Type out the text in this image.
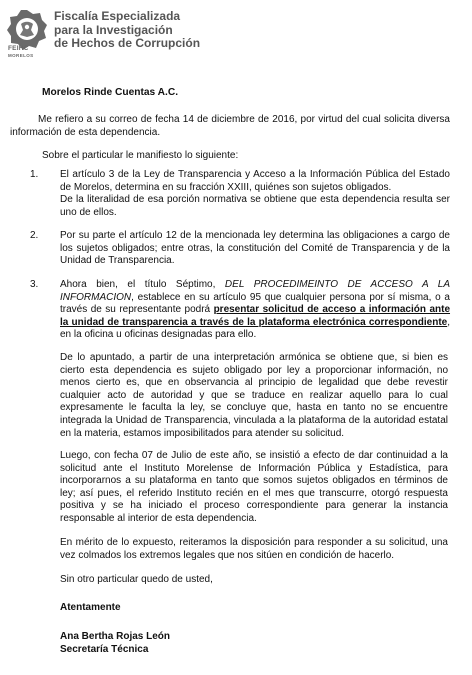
FEIHC
MORELOS
Fiscalía Especializada
para la Investigación
de Hechos de Corrupción
Morelos Rinde Cuentas A.C.

Me refiero a su correo de fecha 14 de diciembre de 2016, por virtud del cual solicita diversa información de esta dependencia.

Sobre el particular le manifiesto lo siguiente:

1.	El artículo 3 de la Ley de Transparencia y Acceso a la Información Pública del Estado de Morelos, determina en su fracción XXIII, quiénes son sujetos obligados.

De la literalidad de esa porción normativa se obtiene que esta dependencia resulta ser uno de ellos.

2.	Por su parte el artículo 12 de la mencionada ley determina las obligaciones a cargo de los sujetos obligados; entre otras, la constitución del Comité de Transparencia y de la Unidad de Transparencia.

3.	Ahora bien, el título Séptimo, DEL PROCEDIMEINTO DE ACCESO A LA INFORMACION, establece en su artículo 95 que cualquier persona por sí misma, o a través de su representante podrá presentar solicitud de acceso a información ante la unidad de transparencia a través de la plataforma electrónica correspondiente, en la oficina u oficinas designadas para ello.

De lo apuntado, a partir de una interpretación armónica se obtiene que, si bien es cierto esta dependencia es sujeto obligado por ley a proporcionar información, no menos cierto es, que en observancia al principio de legalidad que debe revestir cualquier acto de autoridad y que se traduce en realizar aquello para lo cual expresamente le faculta la ley, se concluye que, hasta en tanto no se encuentre integrada la Unidad de Transparencia, vinculada a la plataforma de la autoridad estatal en la materia, estamos imposibilitados para atender su solicitud.

Luego, con fecha 07 de Julio de este año, se insistió a efecto de dar continuidad a la solicitud ante el Instituto Morelense de Información Pública y Estadística, para incorporarnos a su plataforma en tanto que somos sujetos obligados en términos de ley; así pues, el referido Instituto recién en el mes que transcurre, otorgó respuesta positiva y se ha iniciado el proceso correspondiente para generar la instancia responsable al interior de esta dependencia.

En mérito de lo expuesto, reiteramos la disposición para responder a su solicitud, una vez colmados los extremos legales que nos sitúen en condición de hacerlo.

Sin otro particular quedo de usted,

Atentamente
Ana Bertha Rojas León
Secretaría Técnica
